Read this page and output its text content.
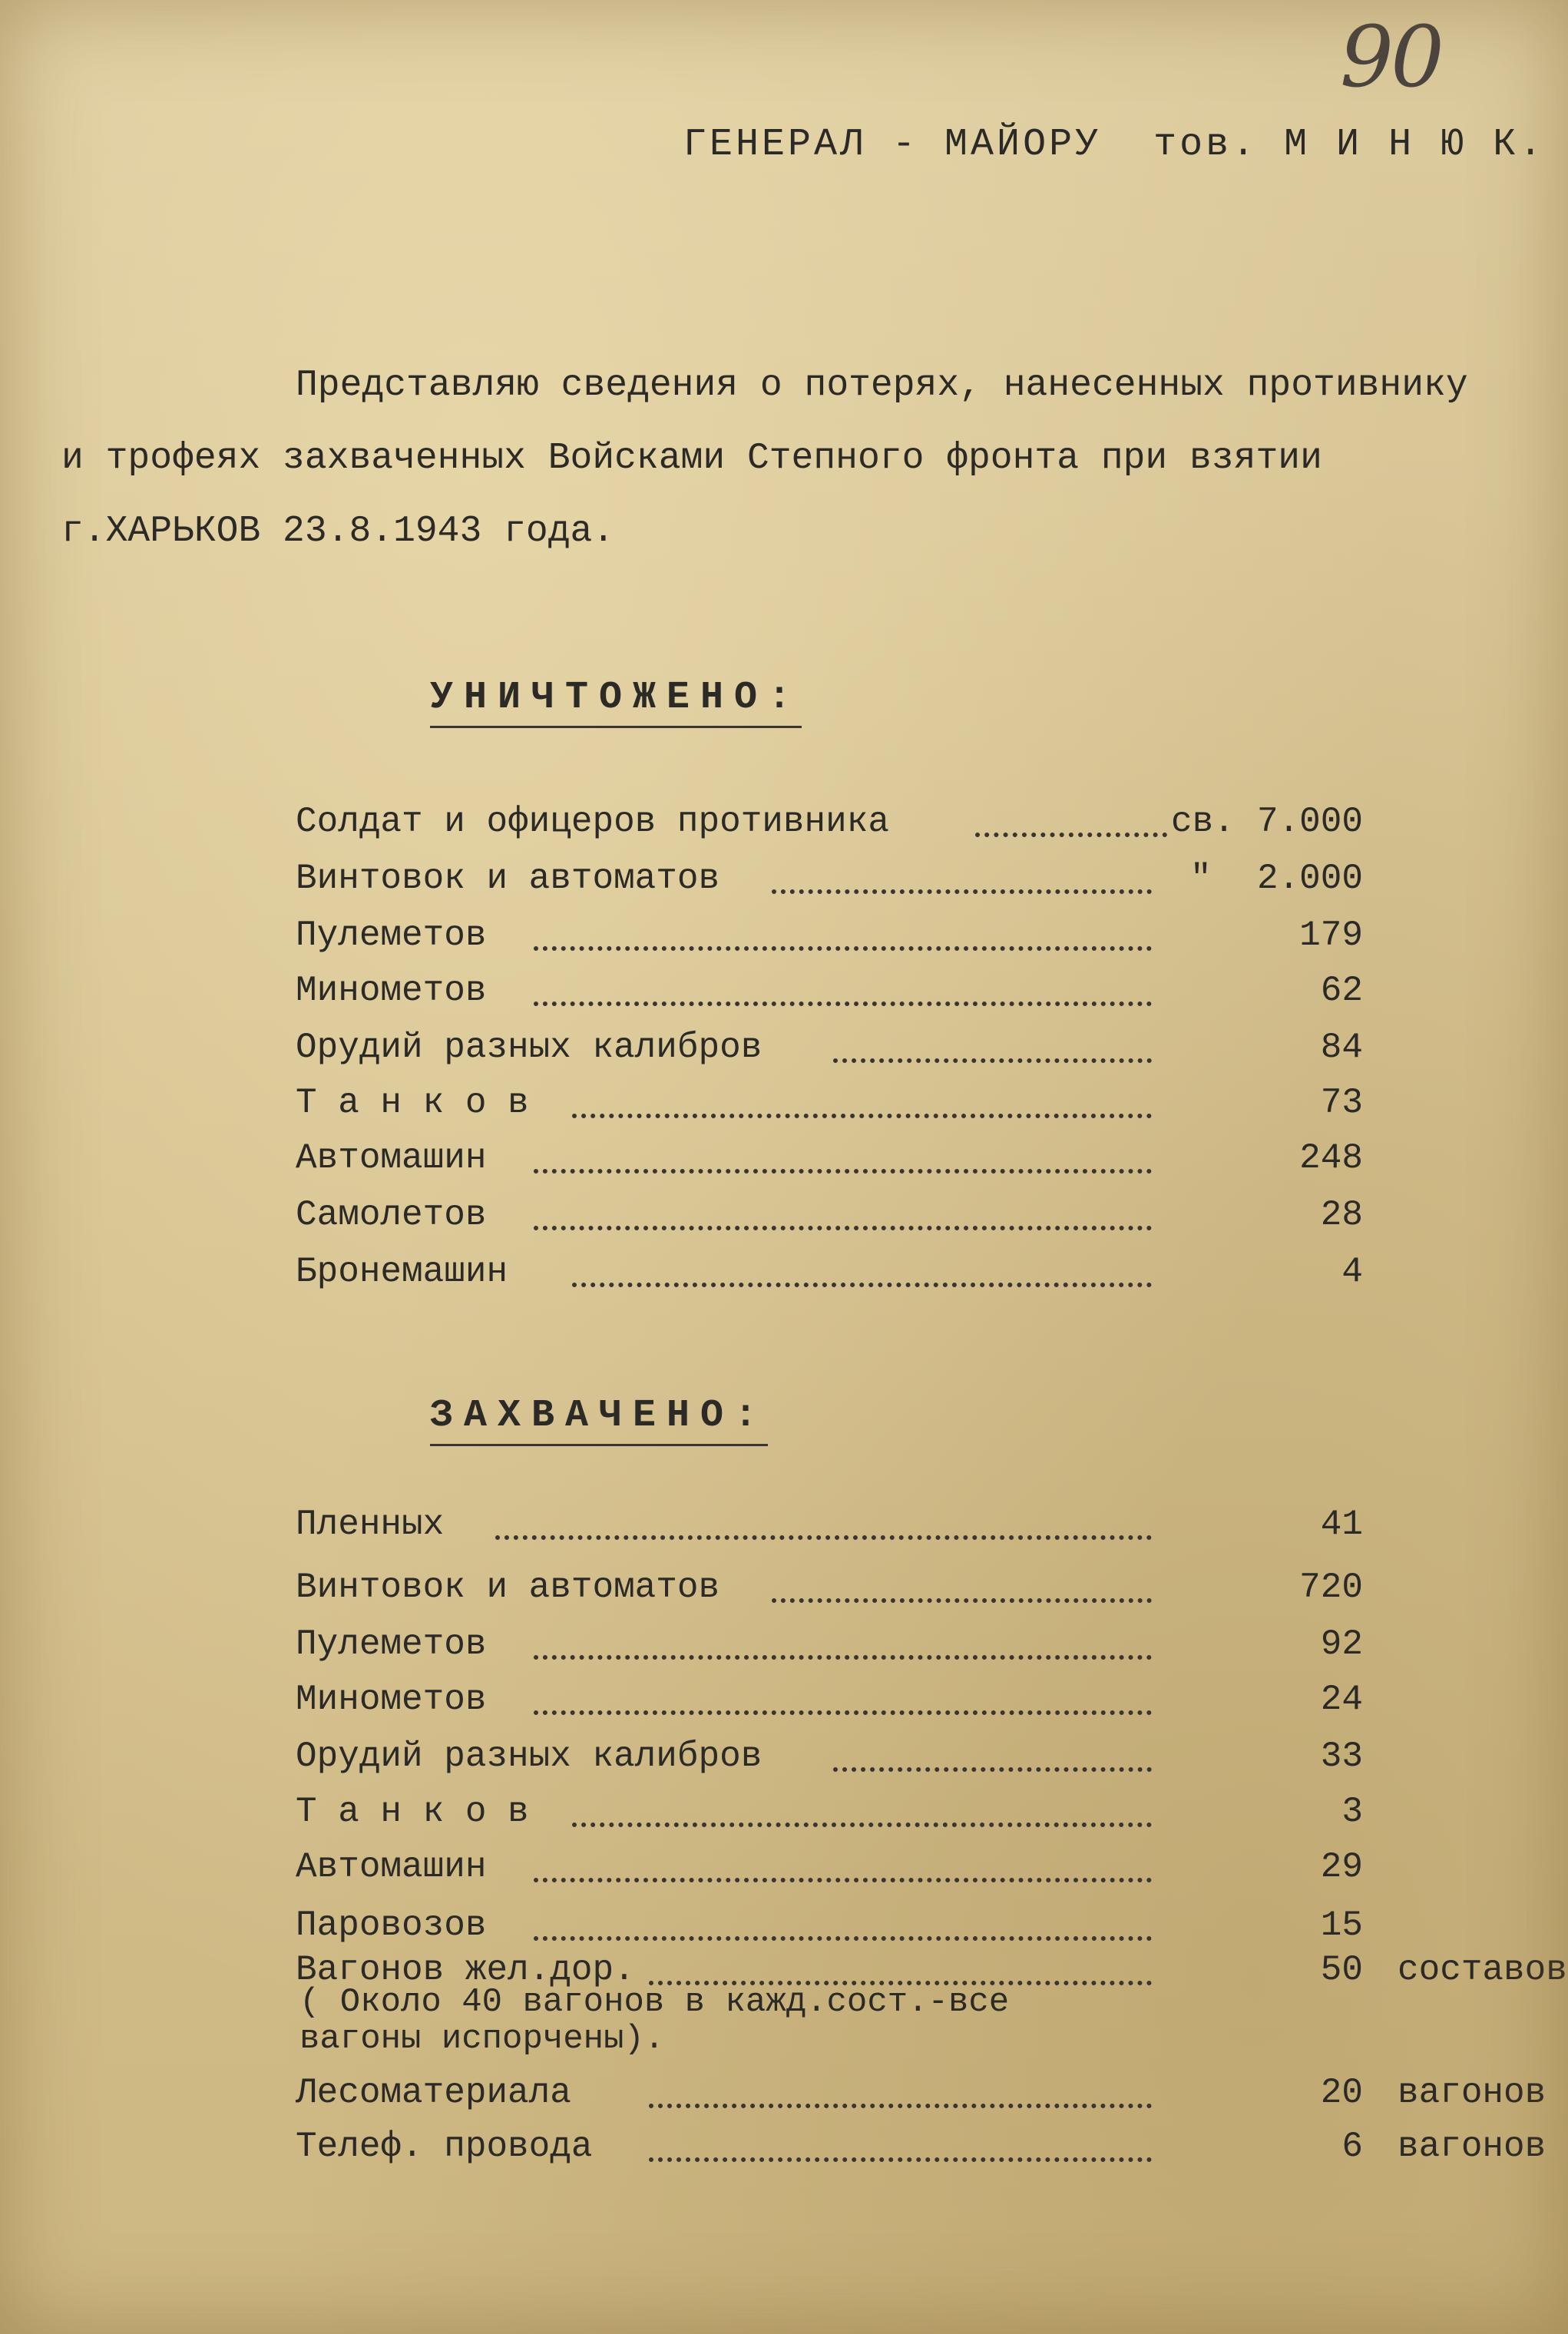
90
ГЕНЕРАЛ - МАЙОРУ  тов. М И Н Ю К.
Представляю сведения о потерях, нанесенных противнику
и трофеях захваченных Войсками Степного фронта при взятии
г.ХАРЬКОВ 23.8.1943 года.
УНИЧТОЖЕНО:
Солдат и офицеров противника	св. 7.000
Винтовок и автоматов	" 2.000
Пулеметов	179
Минометов	62
Орудий разных калибров	84
Т а н к о в	73
Автомашин	248
Самолетов	28
Бронемашин	4
ЗАХВАЧЕНО:
Пленных	41
Винтовок и автоматов	720
Пулеметов	92
Минометов	24
Орудий разных калибров	33
Т а н к о в	3
Автомашин	29
Паровозов	15
Вагонов жел.дор.	50 составов
Лесоматериала	20 вагонов
Телеф. провода	6 вагонов
( Около 40 вагонов в кажд.сост.-все
вагоны испорчены).
